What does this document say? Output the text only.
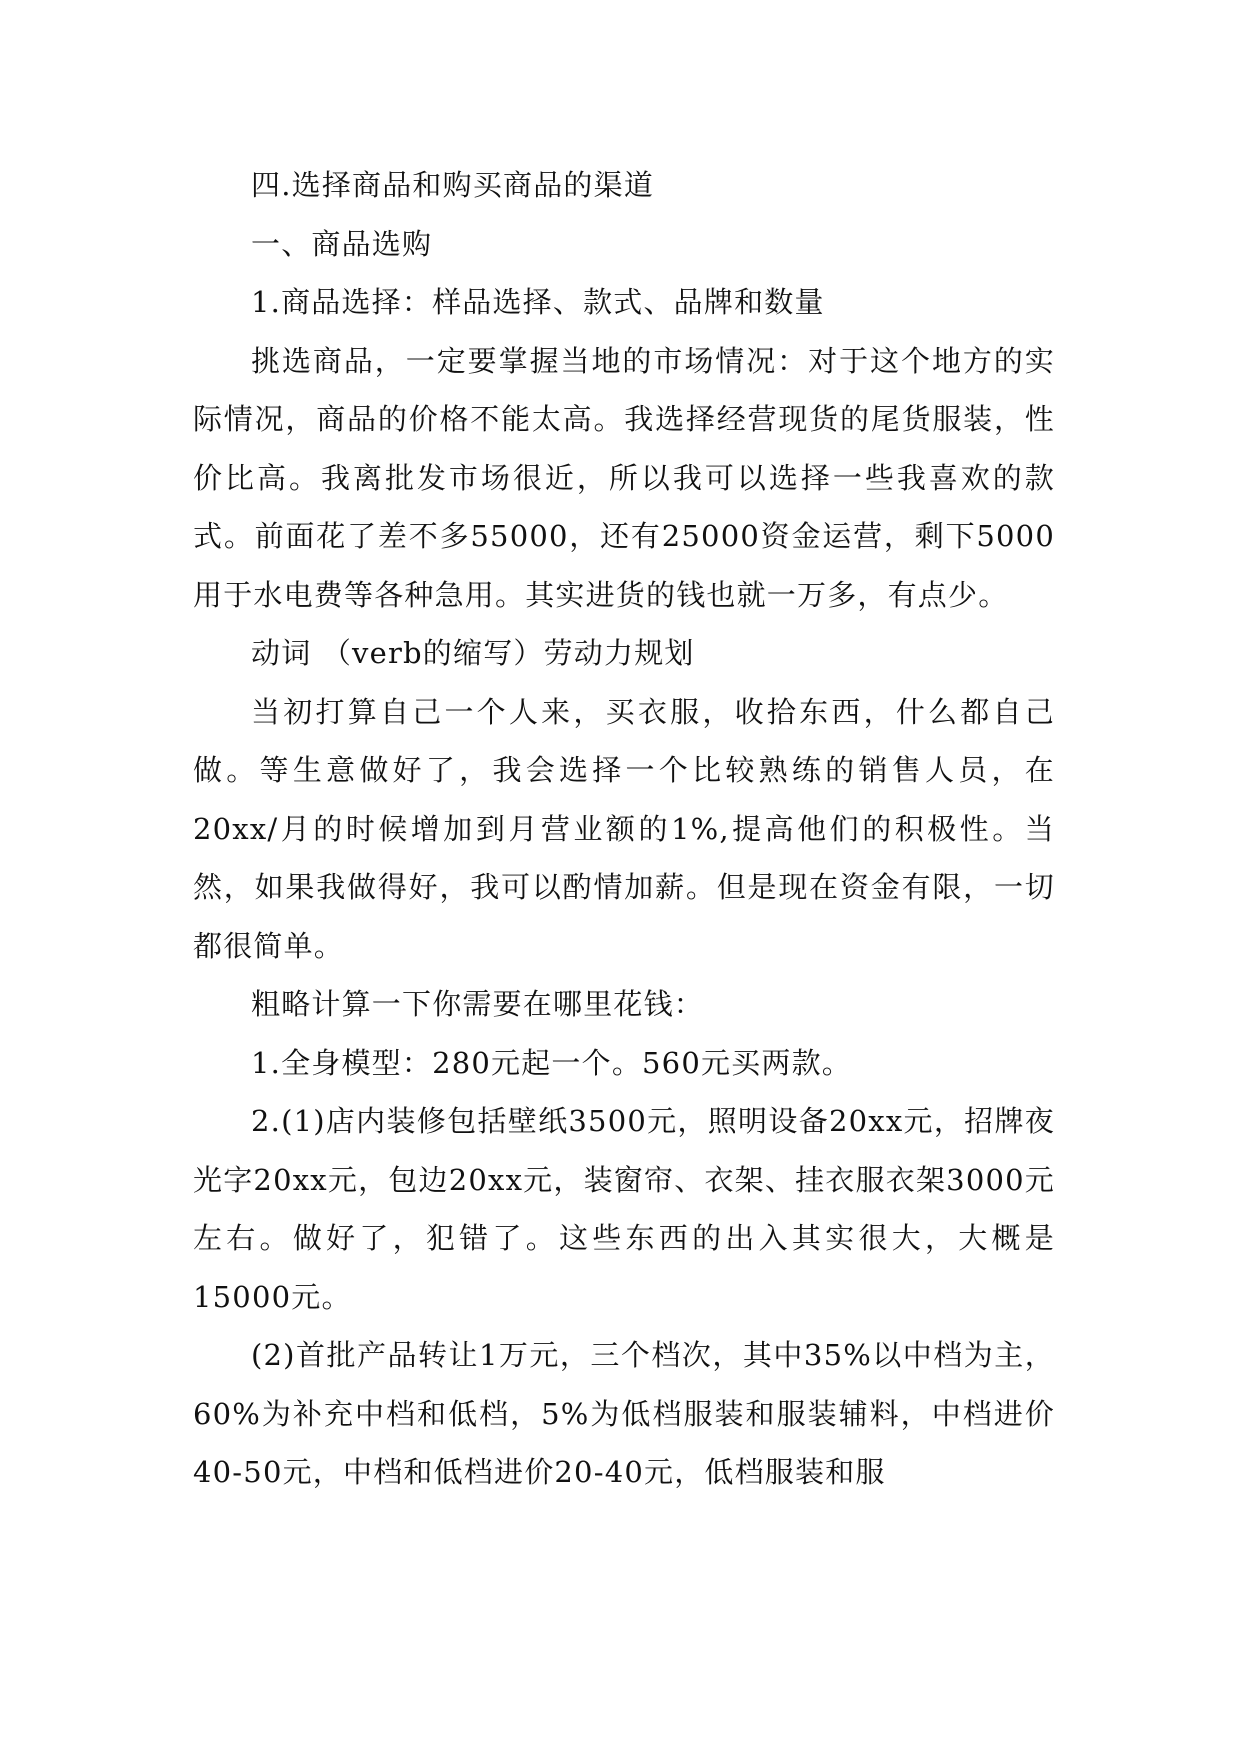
四.选择商品和购买商品的渠道

一、商品选购

1.商品选择：样品选择、款式、品牌和数量

挑选商品，一定要掌握当地的市场情况：对于这个地方的实际情况，商品的价格不能太高。我选择经营现货的尾货服装，性价比高。我离批发市场很近，所以我可以选择一些我喜欢的款式。前面花了差不多55000，还有25000资金运营，剩下5000用于水电费等各种急用。其实进货的钱也就一万多，有点少。

动词 （verb的缩写）劳动力规划

当初打算自己一个人来，买衣服，收拾东西，什么都自己做。等生意做好了，我会选择一个比较熟练的销售人员，在20xx/月的时候增加到月营业额的1%,提高他们的积极性。当然，如果我做得好，我可以酌情加薪。但是现在资金有限，一切都很简单。

粗略计算一下你需要在哪里花钱：

1.全身模型：280元起一个。560元买两款。

2.(1)店内装修包括壁纸3500元，照明设备20xx元，招牌夜光字20xx元，包边20xx元，装窗帘、衣架、挂衣服衣架3000元左右。做好了，犯错了。这些东西的出入其实很大，大概是15000元。

(2)首批产品转让1万元，三个档次，其中35%以中档为主，60%为补充中档和低档，5%为低档服装和服装辅料，中档进价40-50元，中档和低档进价20-40元，低档服装和服
